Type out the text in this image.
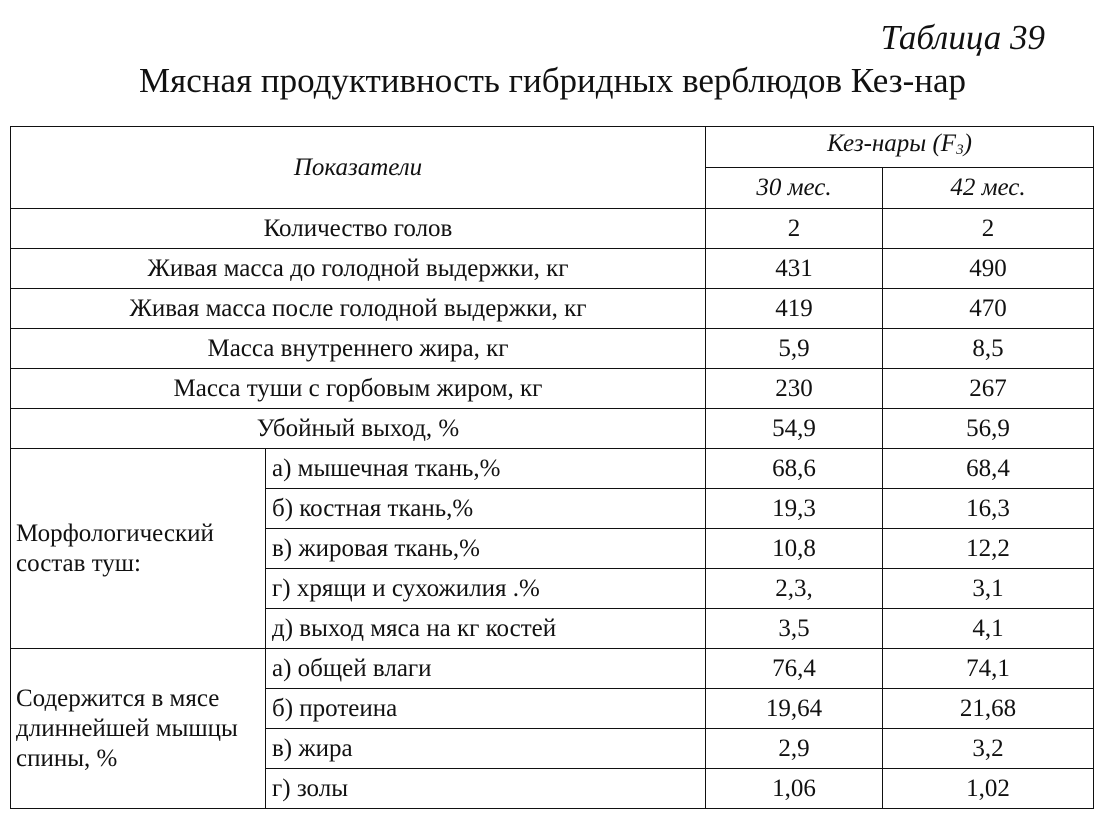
Таблица 39
Мясная продуктивность гибридных верблюдов Кез-нар
Показатели		Кез-нары $(F_3)$	
		30 мес.	42 мес.
Количество голов		2	2
Живая масса до голодной выдержки, кг		431	490
Живая масса после голодной выдержки, кг		419	470
Масса внутреннего жира, кг		5,9	8,5
Масса туши с горбовым жиром, кг		230	267
Убойный выход, %		54,9	56,9
Морфологический состав туш:	а) мышечная ткань,%	68,6	68,4
	б) костная ткань,%	19,3	16,3
	в) жировая ткань,%	10,8	12,2
	г) хрящи и сухожилия .%	2,3,	3,1
	д) выход мяса на кг костей	3,5	4,1
Содержится в мясе длиннейшей мышцы спины, %	а) общей влаги	76,4	74,1
	б) протеина	19,64	21,68
	в) жира	2,9	3,2
	г) золы	1,06	1,02
